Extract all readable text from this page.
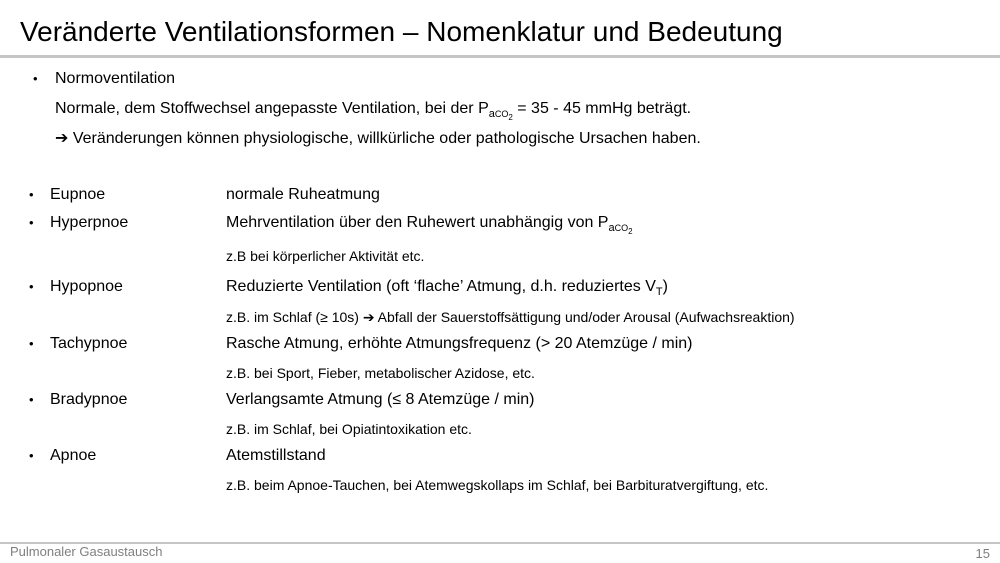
Veränderte Ventilationsformen – Nomenklatur und Bedeutung
• Normoventilation
Normale, dem Stoffwechsel angepasste Ventilation, bei der $P_{aCO2} = 35 - 45$ mmHg beträgt.
➔ Veränderungen können physiologische, willkürliche oder pathologische Ursachen haben.
• Eupnoe	normale Ruheatmung
• Hyperpnoe	Mehrventilation über den Ruhewert unabhängig von $P_{aCO2}$
z.B bei körperlicher Aktivität etc.
• Hypopnoe	Reduzierte Ventilation (oft ‘flache’ Atmung, d.h. reduziertes $V_T$)
z.B. im Schlaf (≥ 10s) ➔ Abfall der Sauerstoffsättigung und/oder Arousal (Aufwachsreaktion)
• Tachypnoe	Rasche Atmung, erhöhte Atmungsfrequenz (> 20 Atemzüge / min)
z.B. bei Sport, Fieber, metabolischer Azidose, etc.
• Bradypnoe	Verlangsamte Atmung (≤ 8 Atemzüge / min)
z.B. im Schlaf, bei Opiatintoxikation etc.
• Apnoe	Atemstillstand
z.B. beim Apnoe-Tauchen, bei Atemwegskollaps im Schlaf, bei Barbituratvergiftung, etc.
Pulmonaler Gasaustausch	15
